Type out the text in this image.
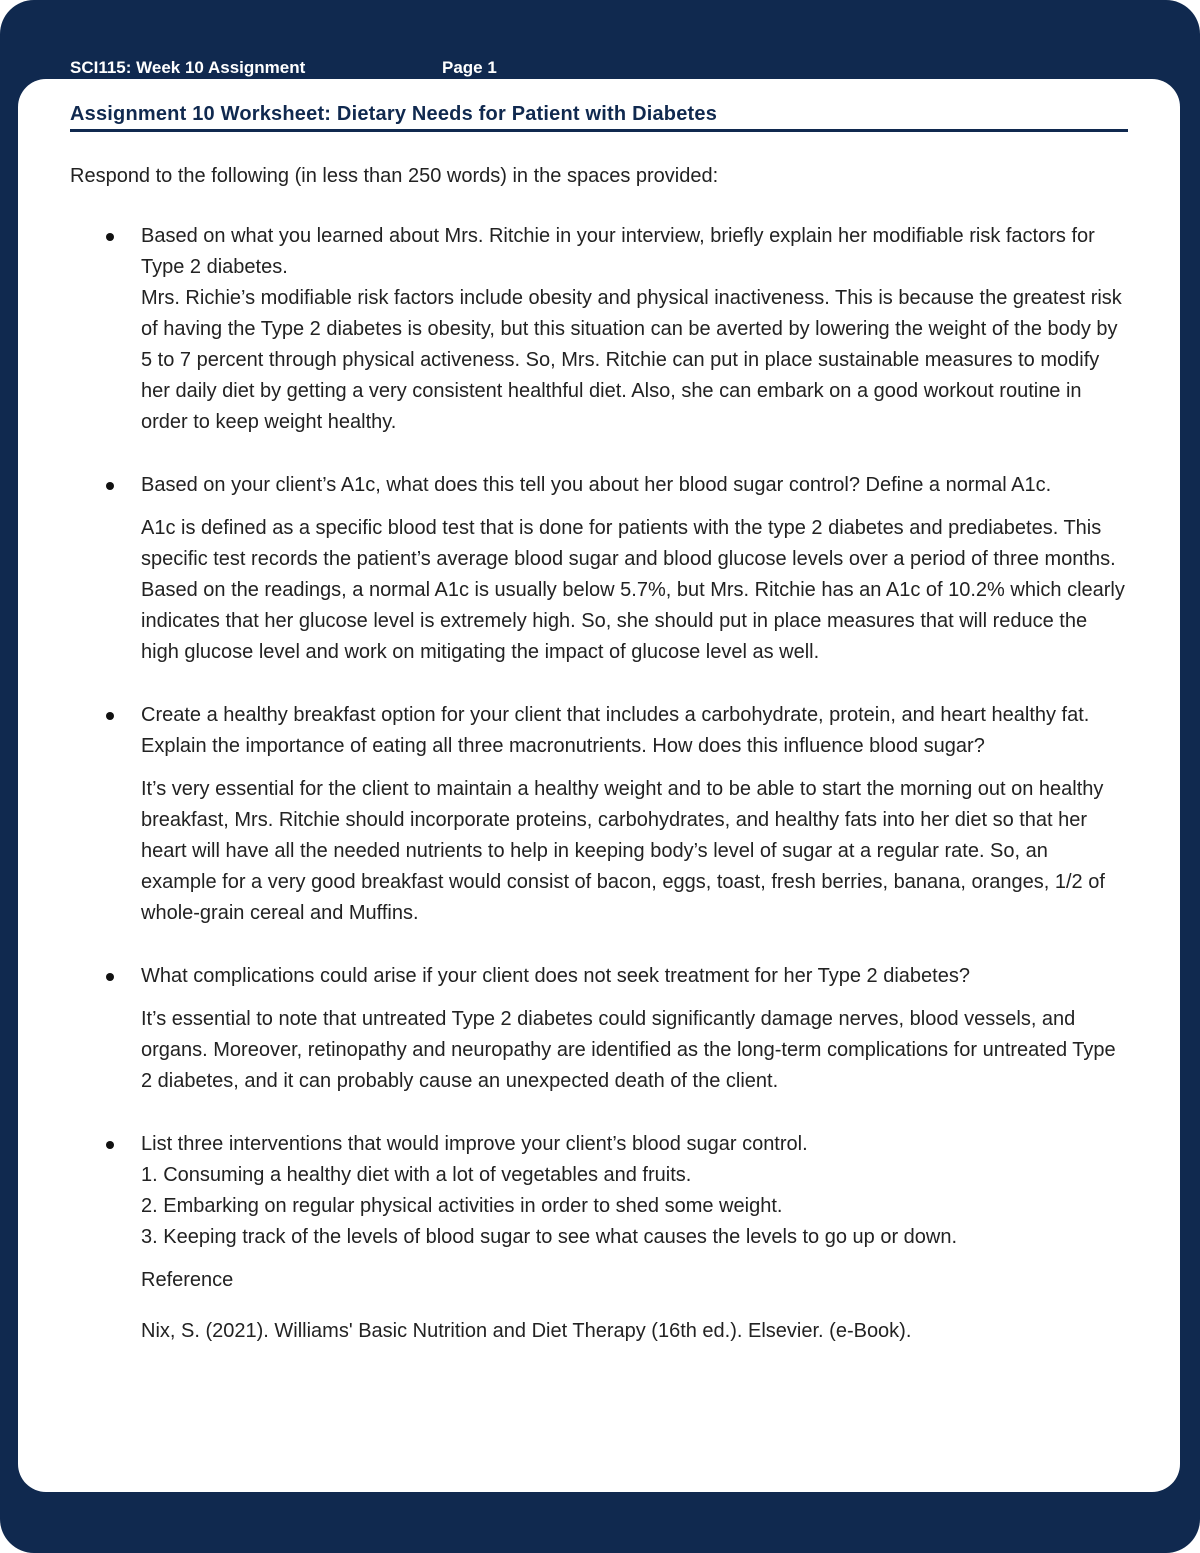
SCI115: Week 10 Assignment	Page 1
Assignment 10 Worksheet: Dietary Needs for Patient with Diabetes
Respond to the following (in less than 250 words) in the spaces provided:

Based on what you learned about Mrs. Ritchie in your interview, briefly explain her modifiable risk factors for Type 2 diabetes.

Mrs. Richie’s modifiable risk factors include obesity and physical inactiveness. This is because the greatest risk of having the Type 2 diabetes is obesity, but this situation can be averted by lowering the weight of the body by 5 to 7 percent through physical activeness. So, Mrs. Ritchie can put in place sustainable measures to modify her daily diet by getting a very consistent healthful diet. Also, she can embark on a good workout routine in order to keep weight healthy.

Based on your client’s A1c, what does this tell you about her blood sugar control? Define a normal A1c.

A1c is defined as a specific blood test that is done for patients with the type 2 diabetes and prediabetes. This specific test records the patient’s average blood sugar and blood glucose levels over a period of three months. Based on the readings, a normal A1c is usually below 5.7%, but Mrs. Ritchie has an A1c of 10.2% which clearly indicates that her glucose level is extremely high. So, she should put in place measures that will reduce the high glucose level and work on mitigating the impact of glucose level as well.

Create a healthy breakfast option for your client that includes a carbohydrate, protein, and heart healthy fat. Explain the importance of eating all three macronutrients. How does this influence blood sugar?

It’s very essential for the client to maintain a healthy weight and to be able to start the morning out on healthy breakfast, Mrs. Ritchie should incorporate proteins, carbohydrates, and healthy fats into her diet so that her heart will have all the needed nutrients to help in keeping body’s level of sugar at a regular rate. So, an example for a very good breakfast would consist of bacon, eggs, toast, fresh berries, banana, oranges, 1/2 of whole-grain cereal and Muffins.

What complications could arise if your client does not seek treatment for her Type 2 diabetes?

It’s essential to note that untreated Type 2 diabetes could significantly damage nerves, blood vessels, and organs. Moreover, retinopathy and neuropathy are identified as the long-term complications for untreated Type 2 diabetes, and it can probably cause an unexpected death of the client.

List three interventions that would improve your client’s blood sugar control.

1. Consuming a healthy diet with a lot of vegetables and fruits.

2. Embarking on regular physical activities in order to shed some weight.

3. Keeping track of the levels of blood sugar to see what causes the levels to go up or down.

Reference

Nix, S. (2021). Williams' Basic Nutrition and Diet Therapy (16th ed.). Elsevier. (e-Book).
